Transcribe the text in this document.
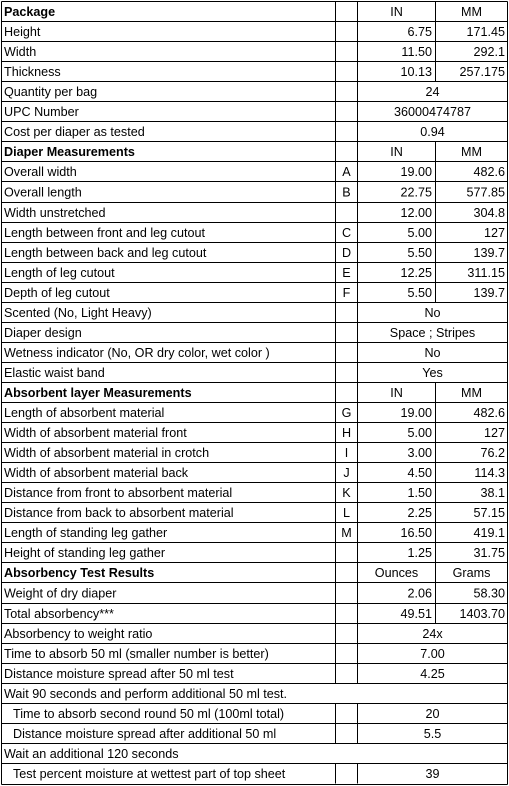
Package	IN	MM
Height	6.75	171.45
Width	11.50	292.1
Thickness	10.13 257.175
Quantity per bag	24
UPC Number	36000474787
Cost per diaper as tested	0.94
Diaper Measurements	IN	MM
Overall width	A	19.00	482.6
Overall length	B	22.75	577.85
Width unstretched	12.00	304.8
Length between front and leg cutout	C	5.00	127
Length between back and leg cutout	D	5.50	139.7
Length of leg cutout	E	12.25	311.15
Depth of leg cutout	F	5.50	139.7
Scented (No, Light Heavy)	No
Diaper design	Space ; Stripes
Wetness indicator (No, OR dry color, wet color )	No
Elastic waist band	Yes
Absorbent layer Measurements	IN	MM
Length of absorbent material	G	19.00	482.6
Width of absorbent material front	H	5.00	127
Width of absorbent material in crotch	I	3.00	76.2
Width of absorbent material back	J	4.50	114.3
Distance from front to absorbent material	K	1.50	38.1
Distance from back to absorbent material	L	2.25	57.15
Length of standing leg gather	M	16.50	419.1
Height of standing leg gather	1.25	31.75
Absorbency Test Results	Ounces	Grams
Weight of dry diaper	2.06	58.30
Total absorbency***	49.51 1403.70
Absorbency to weight ratio	24x
Time to absorb 50 ml (smaller number is better)	7.00
Distance moisture spread after 50 ml test	4.25
Wait 90 seconds and perform additional 50 ml test.
Time to absorb second round 50 ml (100ml total)	20
Distance moisture spread after additional 50 ml	5.5
Wait an additional 120 seconds
Test percent moisture at wettest part of top sheet	39
